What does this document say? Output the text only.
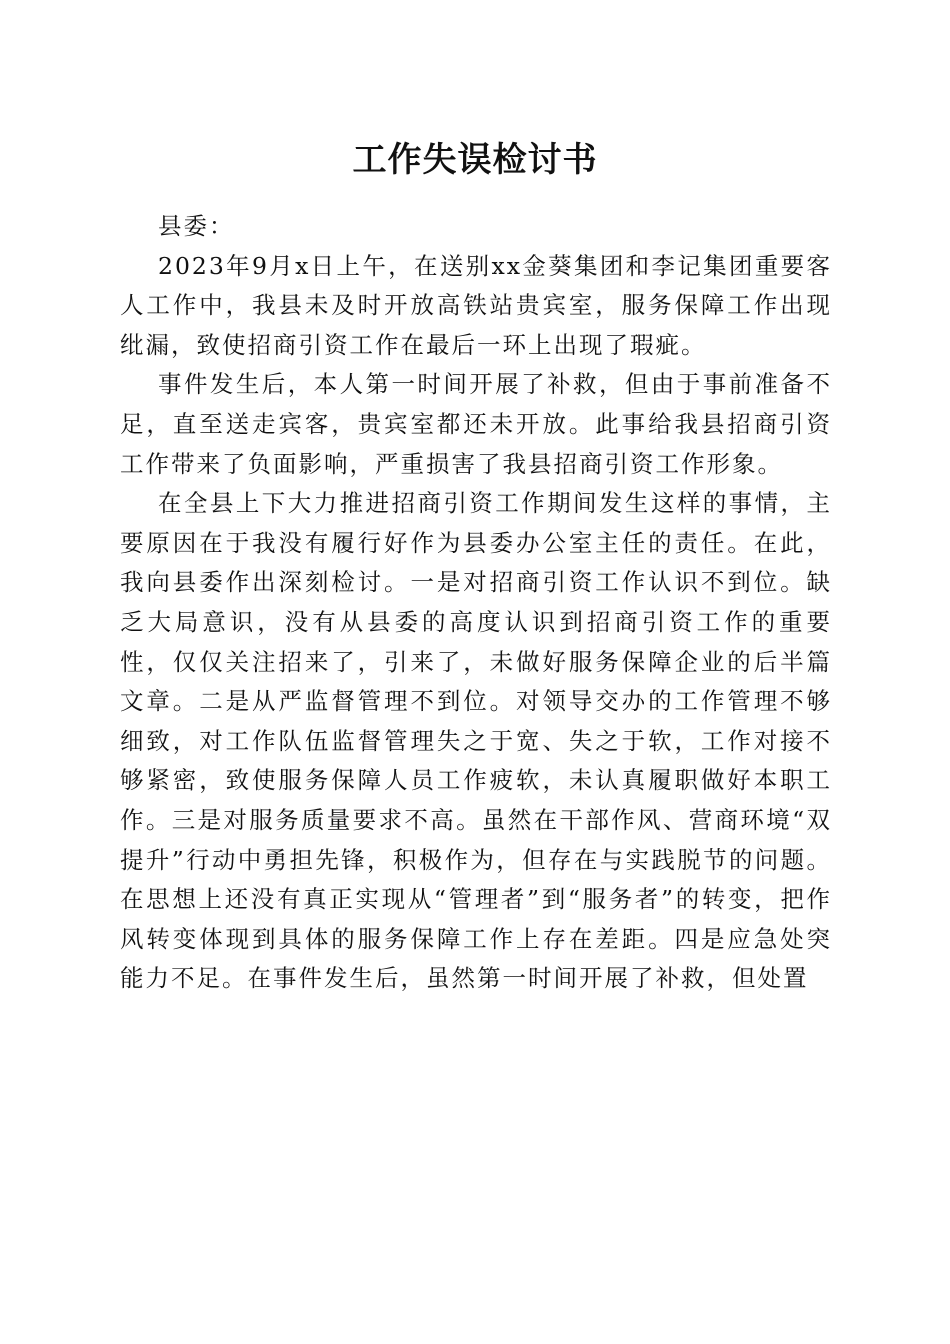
工作失误检讨书

县委：

2023年9月x日上午，在送别xx金葵集团和李记集团重要客人工作中，我县未及时开放高铁站贵宾室，服务保障工作出现纰漏，致使招商引资工作在最后一环上出现了瑕疵。

事件发生后，本人第一时间开展了补救，但由于事前准备不足，直至送走宾客，贵宾室都还未开放。此事给我县招商引资工作带来了负面影响，严重损害了我县招商引资工作形象。

在全县上下大力推进招商引资工作期间发生这样的事情，主要原因在于我没有履行好作为县委办公室主任的责任。在此，我向县委作出深刻检讨。一是对招商引资工作认识不到位。缺乏大局意识，没有从县委的高度认识到招商引资工作的重要性，仅仅关注招来了，引来了，未做好服务保障企业的后半篇文章。二是从严监督管理不到位。对领导交办的工作管理不够细致，对工作队伍监督管理失之于宽、失之于软，工作对接不够紧密，致使服务保障人员工作疲软，未认真履职做好本职工作。三是对服务质量要求不高。虽然在干部作风、营商环境“双提升”行动中勇担先锋，积极作为，但存在与实践脱节的问题。在思想上还没有真正实现从“管理者”到“服务者”的转变，把作风转变体现到具体的服务保障工作上存在差距。四是应急处突能力不足。在事件发生后，虽然第一时间开展了补救，但处置
